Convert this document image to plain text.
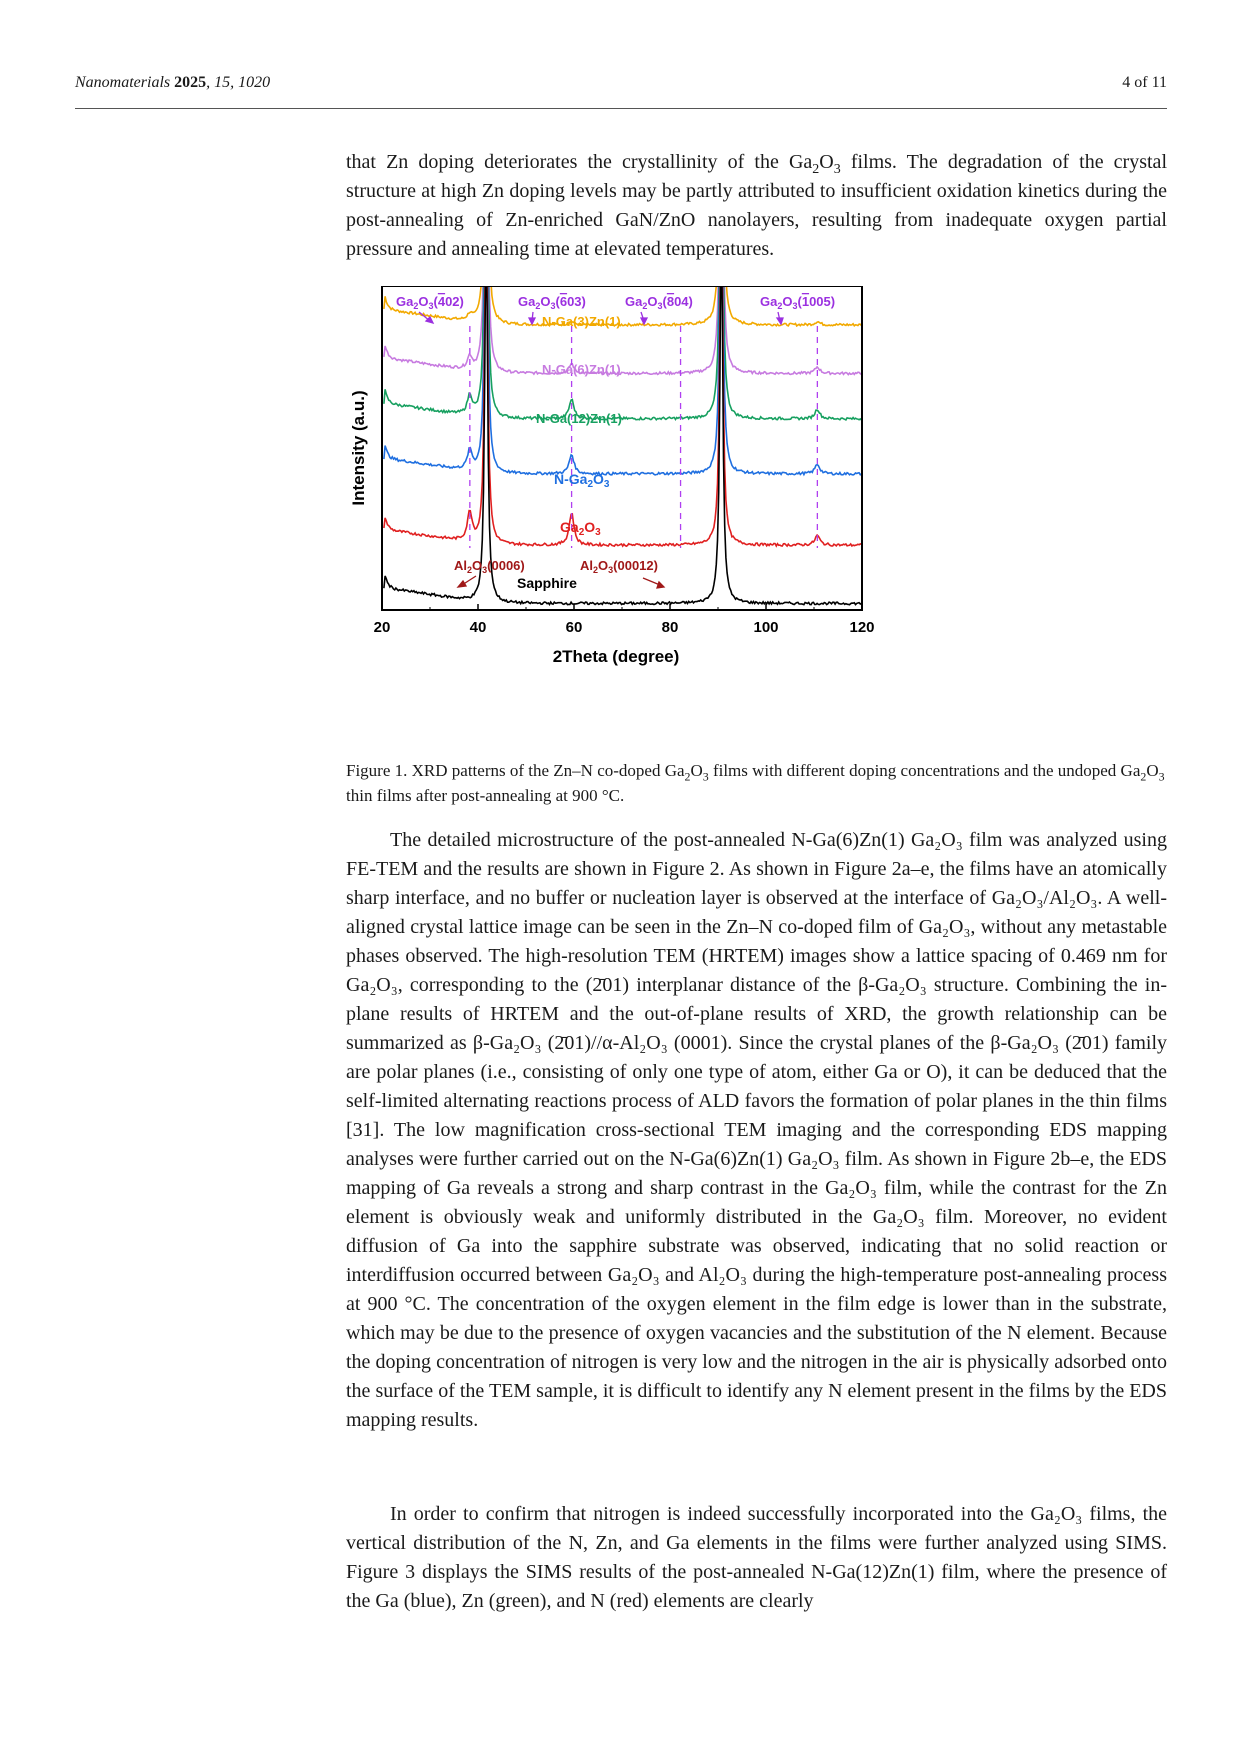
Nanomaterials 2025, 15, 1020	4 of 11

that Zn doping deteriorates the crystallinity of the $Ga_2O_3$ films. The degradation of the crystal structure at high Zn doping levels may be partly attributed to insufficient oxidation kinetics during the post-annealing of Zn-enriched GaN/ZnO nanolayers, resulting from inadequate oxygen partial pressure and annealing time at elevated temperatures.

20	40	60	80	100	120
2Theta (degree)
Intensity (a.u.)
$Ga_2O_3(402)$	$Ga_2O_3(603)$	$Ga_2O_3(804)$	$Ga_2O_3(1005)$
N-Ga(3)Zn(1)
N-Ga(6)Zn(1)
N-Ga(12)Zn(1)
$N-Ga_2O_3$
$Ga_2O_3$
Sapphire
$Al_2O_3(0006)$	$Al_2O_3(00012)$
Figure 1. XRD patterns of the Zn–N co-doped $Ga_2O_3$ films with different doping concentrations and the undoped $Ga_2O_3$ thin films after post-annealing at 900 °C.

The detailed microstructure of the post-annealed N-Ga(6)Zn(1) Ga₂O₃ film was analyzed using FE-TEM and the results are shown in Figure 2. As shown in Figure 2a–e, the films have an atomically sharp interface, and no buffer or nucleation layer is observed at the interface of Ga₂O₃/Al₂O₃. A well-aligned crystal lattice image can be seen in the Zn–N co-doped film of Ga₂O₃, without any metastable phases observed. The high-resolution TEM (HRTEM) images show a lattice spacing of 0.469 nm for Ga₂O₃, corresponding to the (2̄01) interplanar distance of the β-Ga₂O₃ structure. Combining the in-plane results of HRTEM and the out-of-plane results of XRD, the growth relationship can be summarized as β-Ga₂O₃ (2̄01)//α-Al₂O₃ (0001). Since the crystal planes of the β-Ga₂O₃ (2̄01) family are polar planes (i.e., consisting of only one type of atom, either Ga or O), it can be deduced that the self-limited alternating reactions process of ALD favors the formation of polar planes in the thin films [31]. The low magnification cross-sectional TEM imaging and the corresponding EDS mapping analyses were further carried out on the N-Ga(6)Zn(1) Ga₂O₃ film. As shown in Figure 2b–e, the EDS mapping of Ga reveals a strong and sharp contrast in the Ga₂O₃ film, while the contrast for the Zn element is obviously weak and uniformly distributed in the Ga₂O₃ film. Moreover, no evident diffusion of Ga into the sapphire substrate was observed, indicating that no solid reaction or interdiffusion occurred between Ga₂O₃ and Al₂O₃ during the high-temperature post-annealing process at 900 °C. The concentration of the oxygen element in the film edge is lower than in the substrate, which may be due to the presence of oxygen vacancies and the substitution of the N element. Because the doping concentration of nitrogen is very low and the nitrogen in the air is physically adsorbed onto the surface of the TEM sample, it is difficult to identify any N element present in the films by the EDS mapping results.

In order to confirm that nitrogen is indeed successfully incorporated into the Ga₂O₃ films, the vertical distribution of the N, Zn, and Ga elements in the films were further analyzed using SIMS. Figure 3 displays the SIMS results of the post-annealed N-Ga(12)Zn(1) film, where the presence of the Ga (blue), Zn (green), and N (red) elements are clearly
